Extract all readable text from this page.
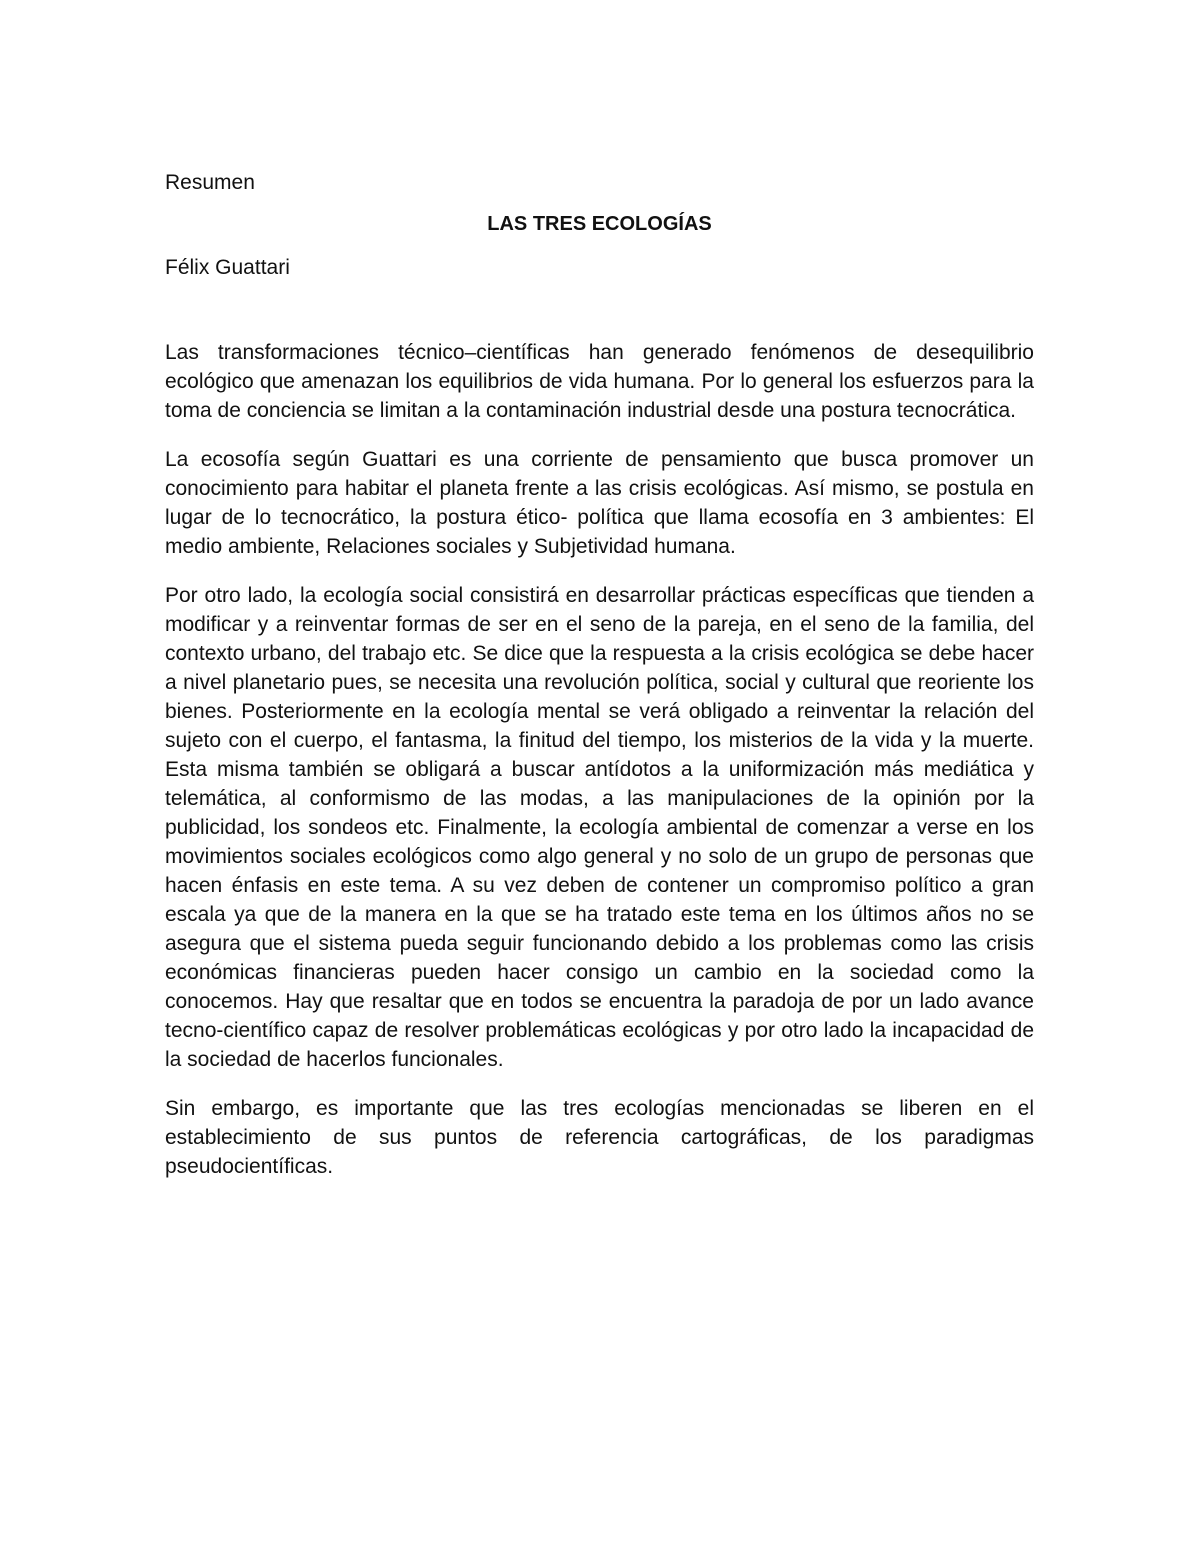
Resumen

LAS TRES ECOLOGÍAS

Félix Guattari

Las transformaciones técnico–científicas han generado fenómenos de desequilibrio ecológico que amenazan los equilibrios de vida humana. Por lo general los esfuerzos para la toma de conciencia se limitan a la contaminación industrial desde una postura tecnocrática.

La ecosofía según Guattari es una corriente de pensamiento que busca promover un conocimiento para habitar el planeta frente a las crisis ecológicas. Así mismo, se postula en lugar de lo tecnocrático, la postura ético- política que llama ecosofía en 3 ambientes: El medio ambiente, Relaciones sociales y Subjetividad humana.

Por otro lado, la ecología social consistirá en desarrollar prácticas específicas que tienden a modificar y a reinventar formas de ser en el seno de la pareja, en el seno de la familia, del contexto urbano, del trabajo etc. Se dice que la respuesta a la crisis ecológica se debe hacer a nivel planetario pues, se necesita una revolución política, social y cultural que reoriente los bienes. Posteriormente en la ecología mental se verá obligado a reinventar la relación del sujeto con el cuerpo, el fantasma, la finitud del tiempo, los misterios de la vida y la muerte. Esta misma también se obligará a buscar antídotos a la uniformización más mediática y telemática, al conformismo de las modas, a las manipulaciones de la opinión por la publicidad, los sondeos etc. Finalmente, la ecología ambiental de comenzar a verse en los movimientos sociales ecológicos como algo general y no solo de un grupo de personas que hacen énfasis en este tema. A su vez deben de contener un compromiso político a gran escala ya que de la manera en la que se ha tratado este tema en los últimos años no se asegura que el sistema pueda seguir funcionando debido a los problemas como las crisis económicas financieras pueden hacer consigo un cambio en la sociedad como la conocemos. Hay que resaltar que en todos se encuentra la paradoja de por un lado avance tecno-científico capaz de resolver problemáticas ecológicas y por otro lado la incapacidad de la sociedad de hacerlos funcionales.

Sin embargo, es importante que las tres ecologías mencionadas se liberen en el establecimiento de sus puntos de referencia cartográficas, de los paradigmas pseudocientíficas.
